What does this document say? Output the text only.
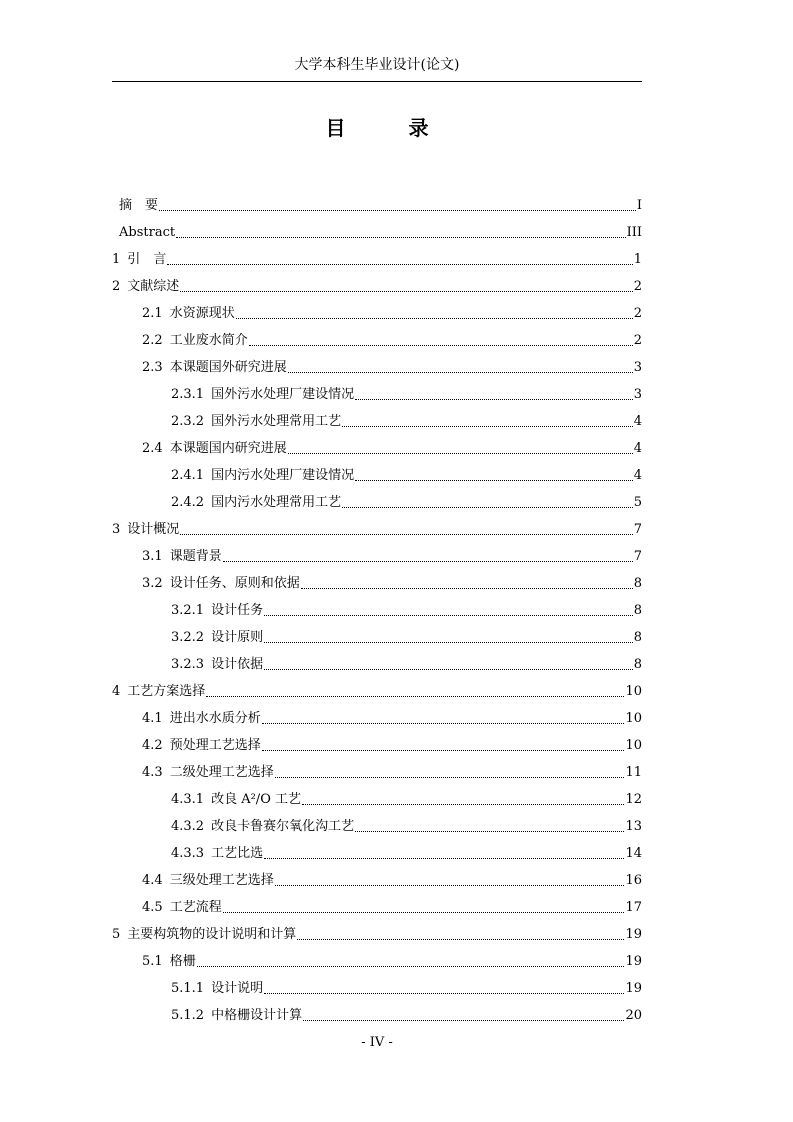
大学本科生毕业设计(论文)
目 录
摘　要	I
Abstract	III
1 引　言	1
2 文献综述	2
2.1 水资源现状	2
2.2 工业废水简介	2
2.3 本课题国外研究进展	3
2.3.1 国外污水处理厂建设情况	3
2.3.2 国外污水处理常用工艺	4
2.4 本课题国内研究进展	4
2.4.1 国内污水处理厂建设情况	4
2.4.2 国内污水处理常用工艺	5
3 设计概况	7
3.1 课题背景	7
3.2 设计任务、原则和依据	8
3.2.1 设计任务	8
3.2.2 设计原则	8
3.2.3 设计依据	8
4 工艺方案选择	10
4.1 进出水水质分析	10
4.2 预处理工艺选择	10
4.3 二级处理工艺选择	11
4.3.1 改良 A²/O 工艺	12
4.3.2 改良卡鲁赛尔氧化沟工艺	13
4.3.3 工艺比选	14
4.4 三级处理工艺选择	16
4.5 工艺流程	17
5 主要构筑物的设计说明和计算	19
5.1 格栅	19
5.1.1 设计说明	19
5.1.2 中格栅设计计算	20
- IV -
